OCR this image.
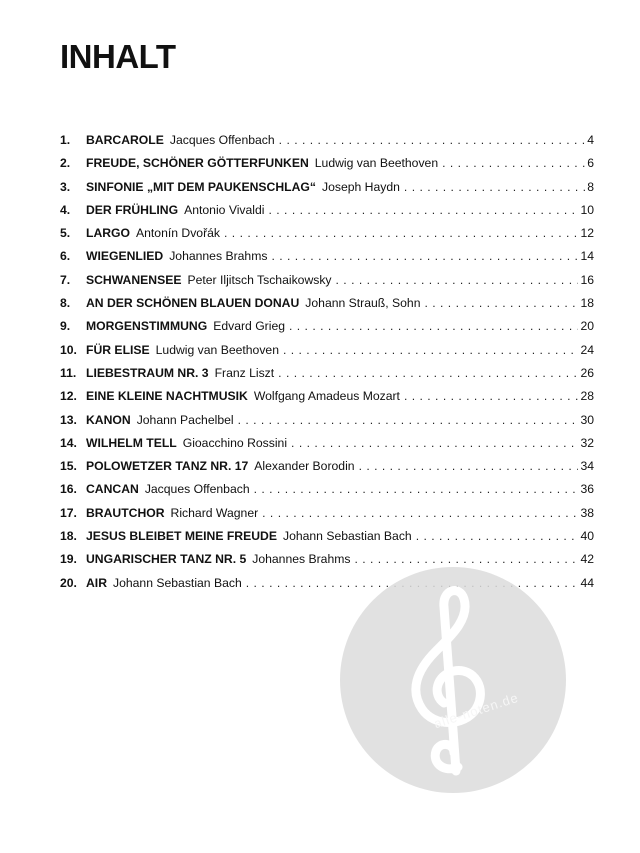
INHALT
1.	BARCAROLE Jacques Offenbach . . .	4
2.	FREUDE, SCHÖNER GÖTTERFUNKEN Ludwig van Beethoven . . .	6
3.	SINFONIE „MIT DEM PAUKENSCHLAG“ Joseph Haydn . . .	8
4.	DER FRÜHLING Antonio Vivaldi . . .	10
5.	LARGO Antonín Dvořák . . .	12
6.	WIEGENLIED Johannes Brahms . . .	14
7.	SCHWANENSEE Peter Iljitsch Tschaikowsky . . .	16
8.	AN DER SCHÖNEN BLAUEN DONAU Johann Strauß, Sohn . . .	18
9.	MORGENSTIMMUNG Edvard Grieg . . .	20
10. FÜR ELISE Ludwig van Beethoven . . .	24
11. LIEBESTRAUM NR. 3 Franz Liszt . . .	26
12. EINE KLEINE NACHTMUSIK Wolfgang Amadeus Mozart . . .	28
13. KANON Johann Pachelbel . . .	30
14. WILHELM TELL Gioacchino Rossini . . .	32
15. POLOWETZER TANZ NR. 17 Alexander Borodin . . .	34
16. CANCAN Jacques Offenbach . . .	36
17. BRAUTCHOR Richard Wagner . . .	38
18. JESUS BLEIBET MEINE FREUDE Johann Sebastian Bach . . .	40
19. UNGARISCHER TANZ NR. 5 Johannes Brahms . . .	42
20. AIR Johann Sebastian Bach . . .	44
alle-noten.de
